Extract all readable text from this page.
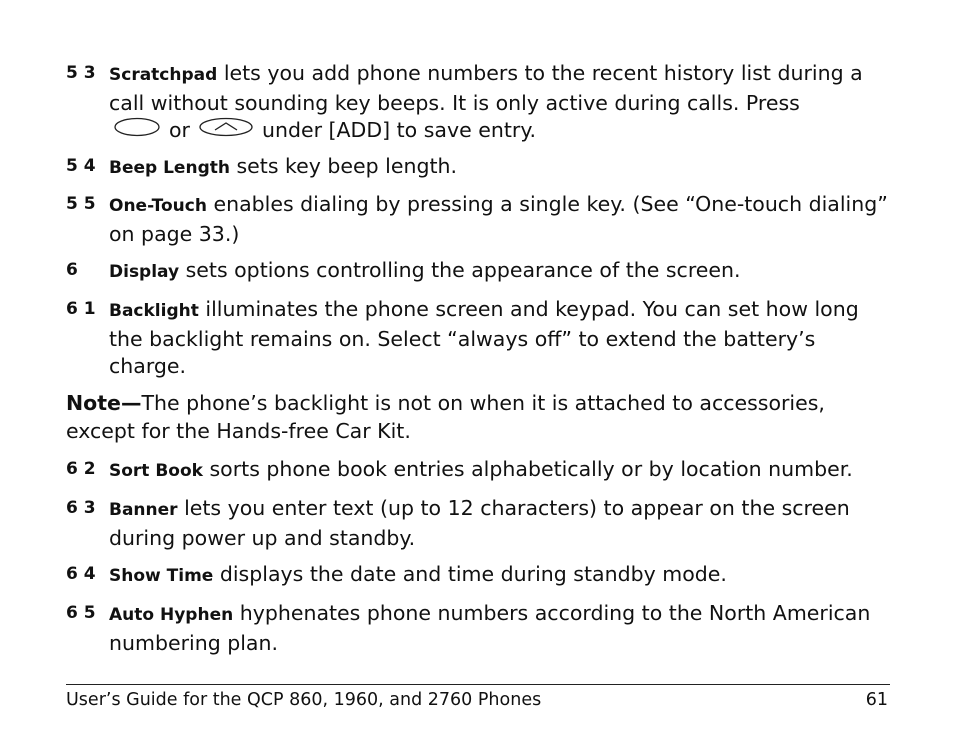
5 3 Scratchpad lets you add phone numbers to the recent history list during a call without sounding key beeps. It is only active during calls. Press
or	under [ADD] to save entry.
5 4 Beep Length sets key beep length.
5 5 One-Touch enables dialing by pressing a single key. (See “One-touch dialing” on page 33.)
6 Display sets options controlling the appearance of the screen.
6 1 Backlight illuminates the phone screen and keypad. You can set how long the backlight remains on. Select “always off” to extend the battery’s charge.
Note—The phone’s backlight is not on when it is attached to accessories, except for the Hands-free Car Kit.
6 2 Sort Book sorts phone book entries alphabetically or by location number.
6 3 Banner lets you enter text (up to 12 characters) to appear on the screen during power up and standby.
6 4 Show Time displays the date and time during standby mode.
6 5 Auto Hyphen hyphenates phone numbers according to the North American numbering plan.
User’s Guide for the QCP 860, 1960, and 2760 Phones	61
